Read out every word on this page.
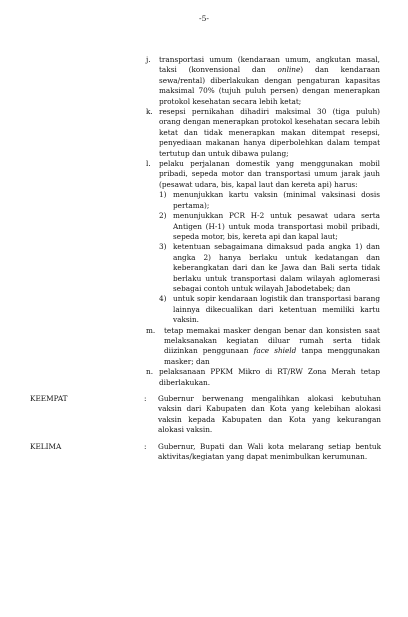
-5-
j.	transportasi umum (kendaraan umum, angkutan masal, taksi (konvensional dan online) dan kendaraan sewa/rental) diberlakukan dengan pengaturan kapasitas maksimal 70% (tujuh puluh persen) dengan menerapkan protokol kesehatan secara lebih ketat;
k. resepsi pernikahan dihadiri maksimal 30 (tiga puluh) orang dengan menerapkan protokol kesehatan secara lebih ketat dan tidak menerapkan makan ditempat resepsi, penyediaan makanan hanya diperbolehkan dalam tempat tertutup dan untuk dibawa pulang;
l.	pelaku perjalanan domestik yang menggunakan mobil pribadi, sepeda motor dan transportasi umum jarak jauh (pesawat udara, bis, kapal laut dan kereta api) harus:
1) menunjukkan kartu vaksin (minimal vaksinasi dosis pertama);
2) menunjukkan PCR H-2 untuk pesawat udara serta Antigen (H-1) untuk moda transportasi mobil pribadi, sepeda motor, bis, kereta api dan kapal laut;
3) ketentuan sebagaimana dimaksud pada angka 1) dan angka 2) hanya berlaku untuk kedatangan dan keberangkatan dari dan ke Jawa dan Bali serta tidak berlaku untuk transportasi dalam wilayah aglomerasi sebagai contoh untuk wilayah Jabodetabek; dan
4) untuk sopir kendaraan logistik dan transportasi barang lainnya dikecualikan dari ketentuan memiliki kartu vaksin.
m.	tetap memakai masker dengan benar dan konsisten saat melaksanakan kegiatan diluar rumah serta tidak diizinkan penggunaan face shield tanpa menggunakan masker; dan
n. pelaksanaan PPKM Mikro di RT/RW Zona Merah tetap diberlakukan.
KEEMPAT	: Gubernur berwenang mengalihkan alokasi kebutuhan vaksin dari Kabupaten dan Kota yang kelebihan alokasi vaksin kepada Kabupaten dan Kota yang kekurangan alokasi vaksin.
KELIMA	: Gubernur, Bupati dan Wali kota melarang setiap bentuk aktivitas/kegiatan yang dapat menimbulkan kerumunan.
